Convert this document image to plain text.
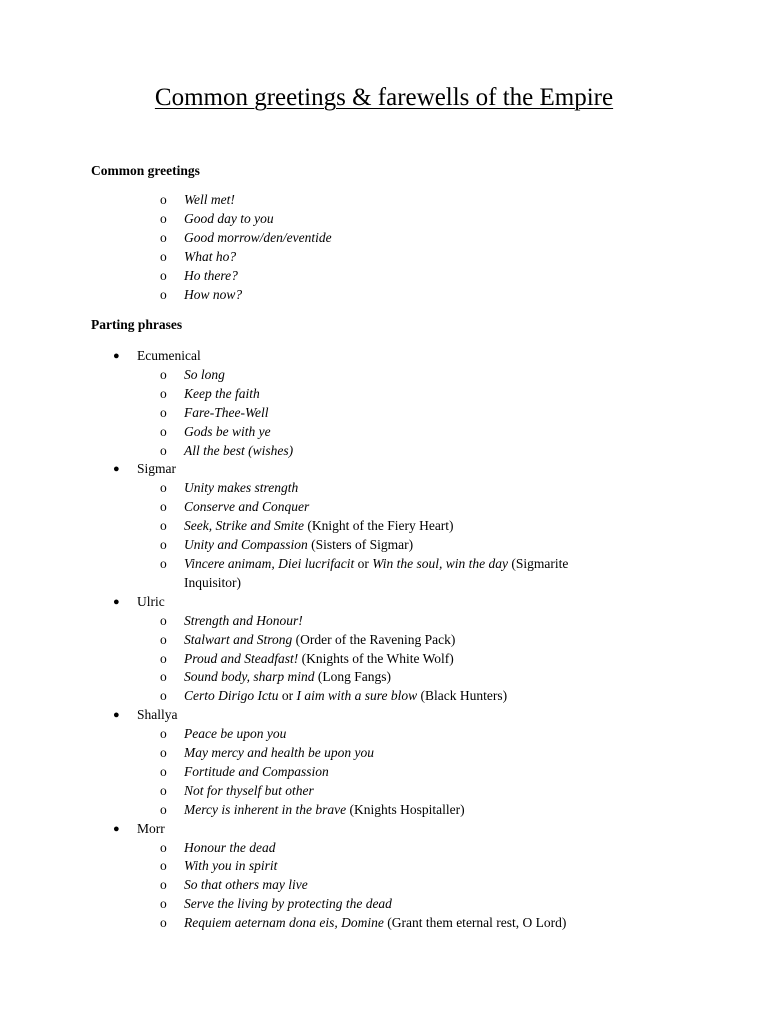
Common greetings & farewells of the Empire
Common greetings
o Well met!
o Good day to you
o Good morrow/den/eventide
o What ho?
o Ho there?
o How now?
Parting phrases
● Ecumenical
o So long
o Keep the faith
o Fare-Thee-Well
o Gods be with ye
o All the best (wishes)
● Sigmar
o Unity makes strength
o Conserve and Conquer
o Seek, Strike and Smite (Knight of the Fiery Heart)
o Unity and Compassion (Sisters of Sigmar)
o Vincere animam, Diei lucrifacit or Win the soul, win the day (Sigmarite Inquisitor)
● Ulric
o Strength and Honour!
o Stalwart and Strong (Order of the Ravening Pack)
o Proud and Steadfast! (Knights of the White Wolf)
o Sound body, sharp mind (Long Fangs)
o Certo Dirigo Ictu or I aim with a sure blow (Black Hunters)
● Shallya
o Peace be upon you
o May mercy and health be upon you
o Fortitude and Compassion
o Not for thyself but other
o Mercy is inherent in the brave (Knights Hospitaller)
● Morr
o Honour the dead
o With you in spirit
o So that others may live
o Serve the living by protecting the dead
o Requiem aeternam dona eis, Domine (Grant them eternal rest, O Lord)
